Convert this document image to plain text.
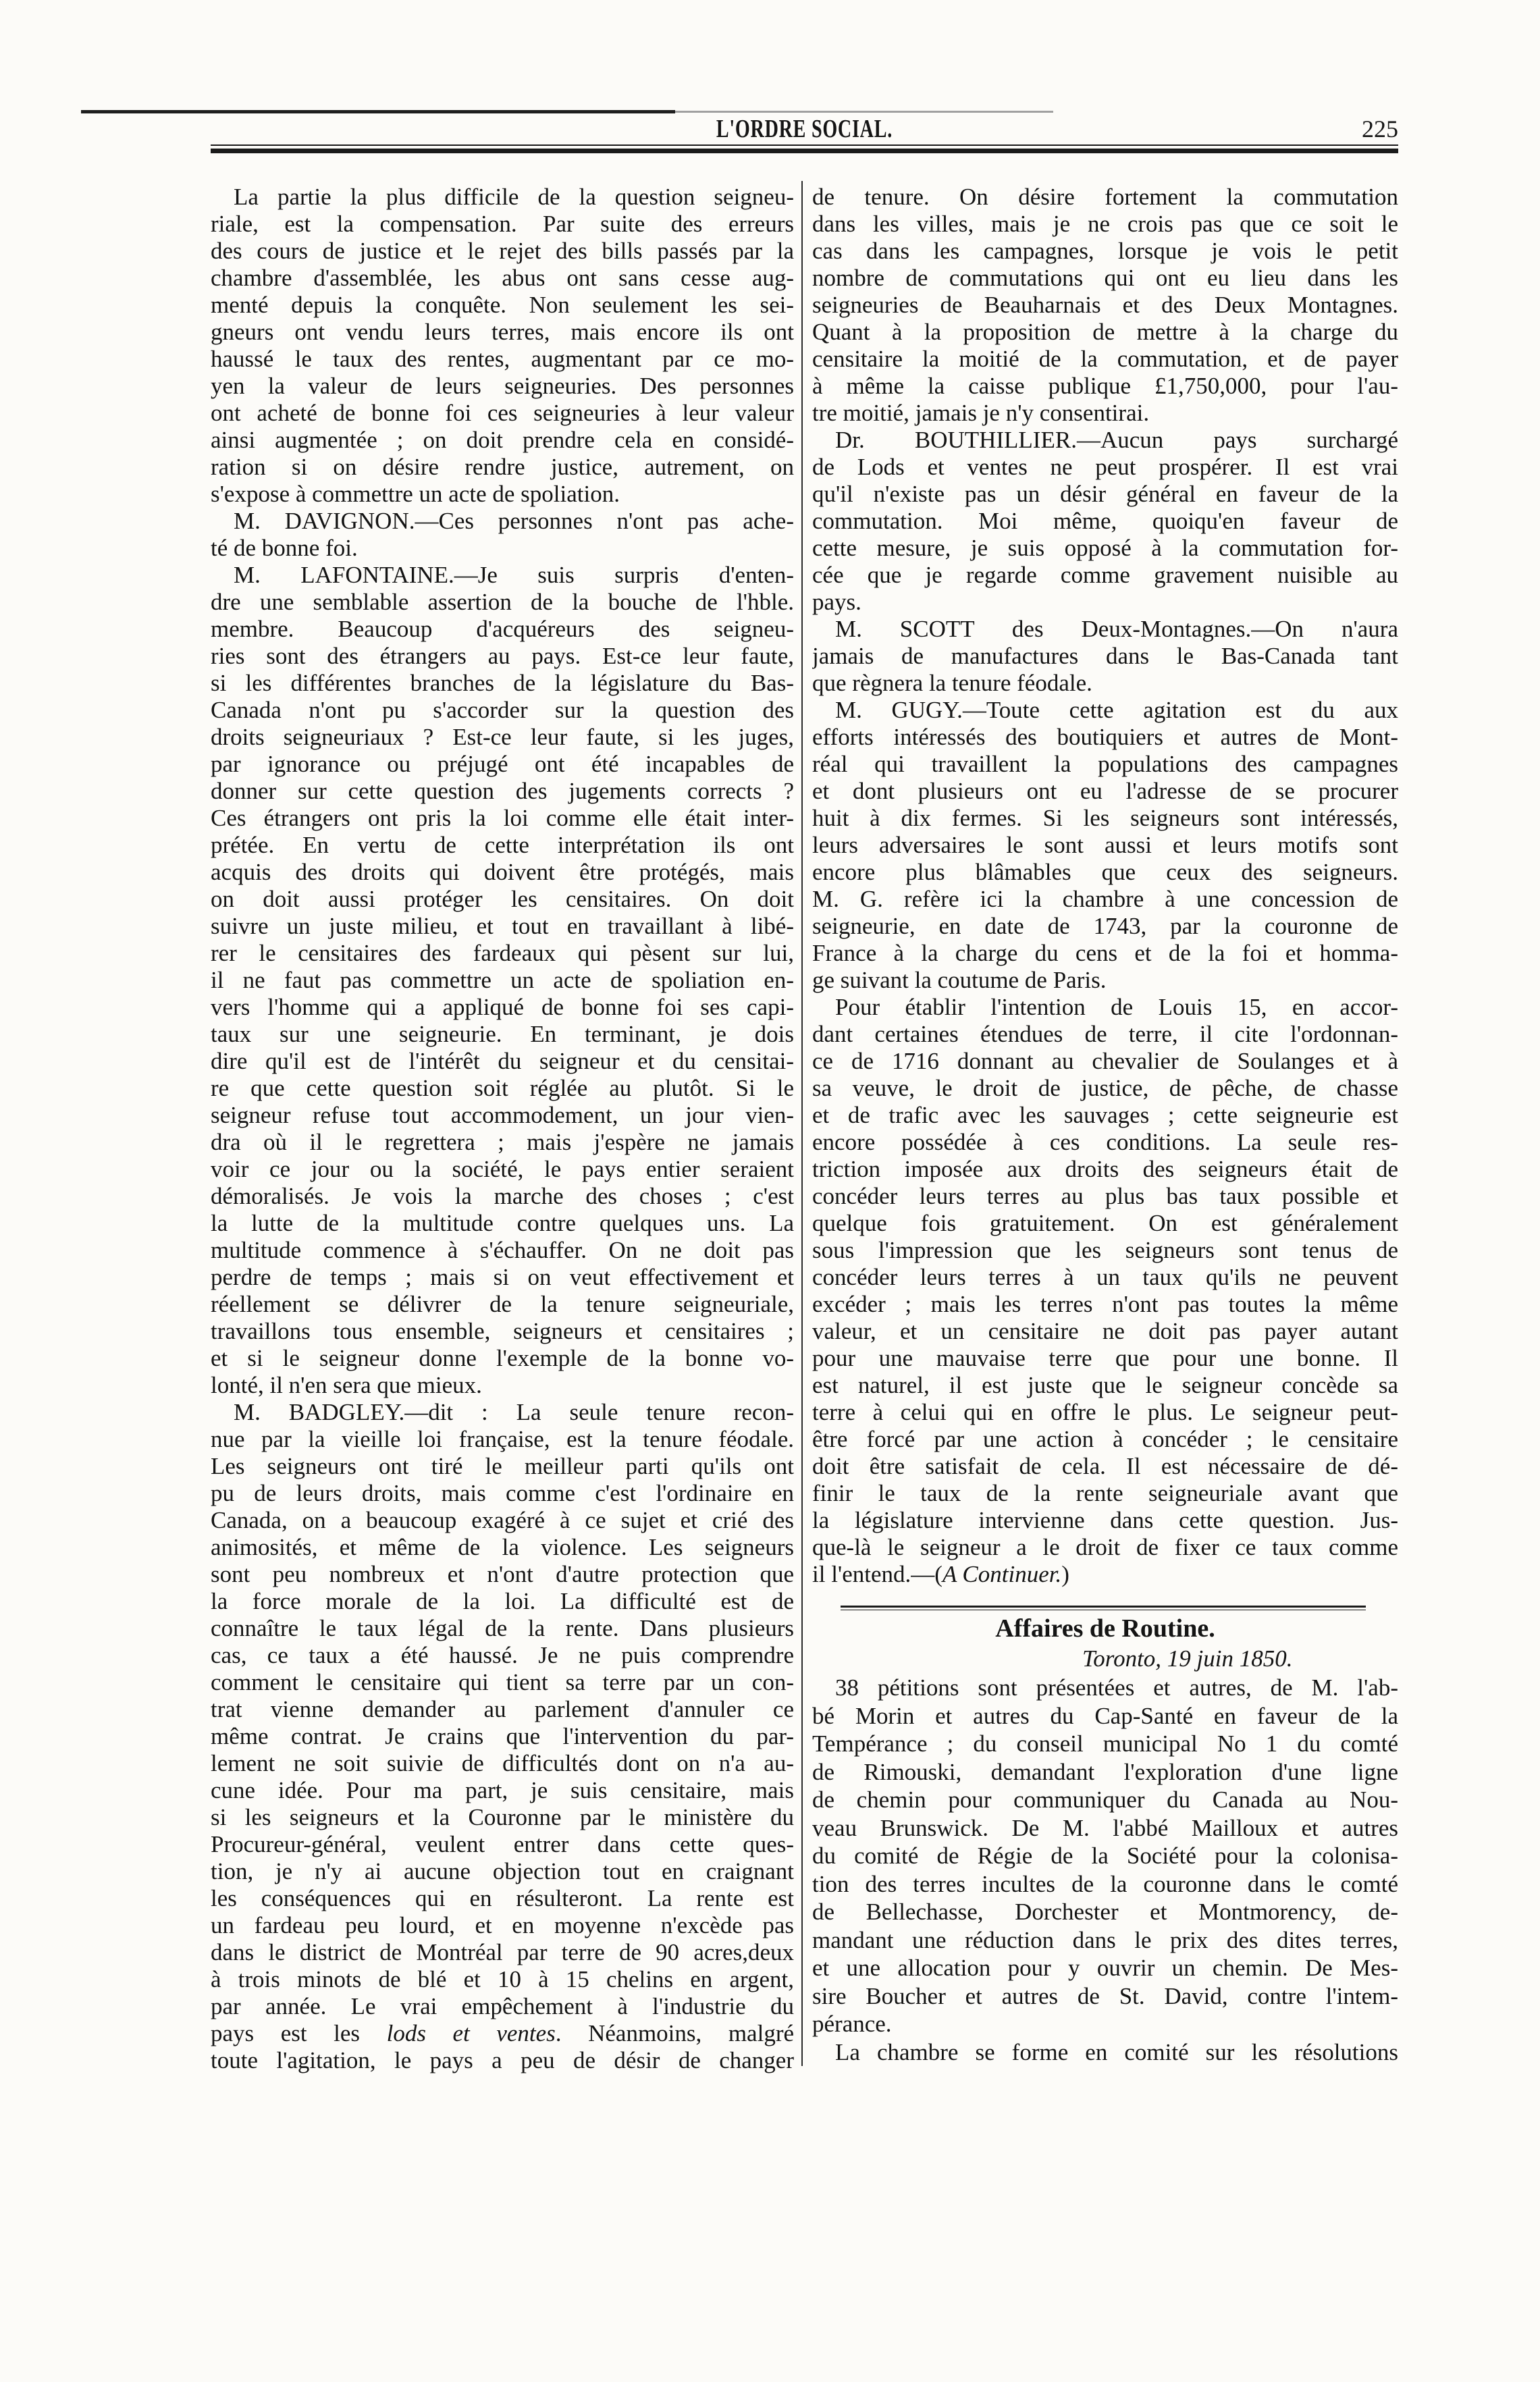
L'ORDRE SOCIAL.	225
La partie la plus difficile de la question seigneu-
riale, est la compensation. Par suite des erreurs
des cours de justice et le rejet des bills passés par la
chambre d'assemblée, les abus ont sans cesse aug-
menté depuis la conquête. Non seulement les sei-
gneurs ont vendu leurs terres, mais encore ils ont
haussé le taux des rentes, augmentant par ce mo-
yen la valeur de leurs seigneuries. Des personnes
ont acheté de bonne foi ces seigneuries à leur valeur
ainsi augmentée ; on doit prendre cela en considé-
ration si on désire rendre justice, autrement, on
s'expose à commettre un acte de spoliation.
M. DAVIGNON.—Ces personnes n'ont pas ache-
té de bonne foi.
M. LAFONTAINE.—Je suis surpris d'enten-
dre une semblable assertion de la bouche de l'hble.
membre. Beaucoup d'acquéreurs des seigneu-
ries sont des étrangers au pays. Est-ce leur faute,
si les différentes branches de la législature du Bas-
Canada n'ont pu s'accorder sur la question des
droits seigneuriaux ? Est-ce leur faute, si les juges,
par ignorance ou préjugé ont été incapables de
donner sur cette question des jugements corrects ?
Ces étrangers ont pris la loi comme elle était inter-
prétée. En vertu de cette interprétation ils ont
acquis des droits qui doivent être protégés, mais
on doit aussi protéger les censitaires. On doit
suivre un juste milieu, et tout en travaillant à libé-
rer le censitaires des fardeaux qui pèsent sur lui,
il ne faut pas commettre un acte de spoliation en-
vers l'homme qui a appliqué de bonne foi ses capi-
taux sur une seigneurie. En terminant, je dois
dire qu'il est de l'intérêt du seigneur et du censitai-
re que cette question soit réglée au plutôt. Si le
seigneur refuse tout accommodement, un jour vien-
dra où il le regrettera ; mais j'espère ne jamais
voir ce jour ou la société, le pays entier seraient
démoralisés. Je vois la marche des choses ; c'est
la lutte de la multitude contre quelques uns. La
multitude commence à s'échauffer. On ne doit pas
perdre de temps ; mais si on veut effectivement et
réellement se délivrer de la tenure seigneuriale,
travaillons tous ensemble, seigneurs et censitaires ;
et si le seigneur donne l'exemple de la bonne vo-
lonté, il n'en sera que mieux.
M. BADGLEY.—dit : La seule tenure recon-
nue par la vieille loi française, est la tenure féodale.
Les seigneurs ont tiré le meilleur parti qu'ils ont
pu de leurs droits, mais comme c'est l'ordinaire en
Canada, on a beaucoup exagéré à ce sujet et crié des
animosités, et même de la violence. Les seigneurs
sont peu nombreux et n'ont d'autre protection que
la force morale de la loi. La difficulté est de
connaître le taux légal de la rente. Dans plusieurs
cas, ce taux a été haussé. Je ne puis comprendre
comment le censitaire qui tient sa terre par un con-
trat vienne demander au parlement d'annuler ce
même contrat. Je crains que l'intervention du par-
lement ne soit suivie de difficultés dont on n'a au-
cune idée. Pour ma part, je suis censitaire, mais
si les seigneurs et la Couronne par le ministère du
Procureur-général, veulent entrer dans cette ques-
tion, je n'y ai aucune objection tout en craignant
les conséquences qui en résulteront. La rente est
un fardeau peu lourd, et en moyenne n'excède pas
dans le district de Montréal par terre de 90 acres,deux
à trois minots de blé et 10 à 15 chelins en argent,
par année. Le vrai empêchement à l'industrie du
pays est les lods et ventes. Néanmoins, malgré
toute l'agitation, le pays a peu de désir de changer
de tenure. On désire fortement la commutation
dans les villes, mais je ne crois pas que ce soit le
cas dans les campagnes, lorsque je vois le petit
nombre de commutations qui ont eu lieu dans les
seigneuries de Beauharnais et des Deux Montagnes.
Quant à la proposition de mettre à la charge du
censitaire la moitié de la commutation, et de payer
à même la caisse publique £1,750,000, pour l'au-
tre moitié, jamais je n'y consentirai.
Dr. BOUTHILLIER.—Aucun pays surchargé
de Lods et ventes ne peut prospérer. Il est vrai
qu'il n'existe pas un désir général en faveur de la
commutation. Moi même, quoiqu'en faveur de
cette mesure, je suis opposé à la commutation for-
cée que je regarde comme gravement nuisible au
pays.
M. SCOTT des Deux-Montagnes.—On n'aura
jamais de manufactures dans le Bas-Canada tant
que règnera la tenure féodale.
M. GUGY.—Toute cette agitation est du aux
efforts intéressés des boutiquiers et autres de Mont-
réal qui travaillent la populations des campagnes
et dont plusieurs ont eu l'adresse de se procurer
huit à dix fermes. Si les seigneurs sont intéressés,
leurs adversaires le sont aussi et leurs motifs sont
encore plus blâmables que ceux des seigneurs.
M. G. refère ici la chambre à une concession de
seigneurie, en date de 1743, par la couronne de
France à la charge du cens et de la foi et homma-
ge suivant la coutume de Paris.
Pour établir l'intention de Louis 15, en accor-
dant certaines étendues de terre, il cite l'ordonnan-
ce de 1716 donnant au chevalier de Soulanges et à
sa veuve, le droit de justice, de pêche, de chasse
et de trafic avec les sauvages ; cette seigneurie est
encore possédée à ces conditions. La seule res-
triction imposée aux droits des seigneurs était de
concéder leurs terres au plus bas taux possible et
quelque fois gratuitement. On est généralement
sous l'impression que les seigneurs sont tenus de
concéder leurs terres à un taux qu'ils ne peuvent
excéder ; mais les terres n'ont pas toutes la même
valeur, et un censitaire ne doit pas payer autant
pour une mauvaise terre que pour une bonne. Il
est naturel, il est juste que le seigneur concède sa
terre à celui qui en offre le plus. Le seigneur peut-
être forcé par une action à concéder ; le censitaire
doit être satisfait de cela. Il est nécessaire de dé-
finir le taux de la rente seigneuriale avant que
la législature intervienne dans cette question. Jus-
que-là le seigneur a le droit de fixer ce taux comme
il l'entend.—(A Continuer.)
Affaires de Routine.
Toronto, 19 juin 1850.
38 pétitions sont présentées et autres, de M. l'ab-
bé Morin et autres du Cap-Santé en faveur de la
Tempérance ; du conseil municipal No 1 du comté
de Rimouski, demandant l'exploration d'une ligne
de chemin pour communiquer du Canada au Nou-
veau Brunswick. De M. l'abbé Mailloux et autres
du comité de Régie de la Société pour la colonisa-
tion des terres incultes de la couronne dans le comté
de Bellechasse, Dorchester et Montmorency, de-
mandant une réduction dans le prix des dites terres,
et une allocation pour y ouvrir un chemin. De Mes-
sire Boucher et autres de St. David, contre l'intem-
pérance.
La chambre se forme en comité sur les résolutions
